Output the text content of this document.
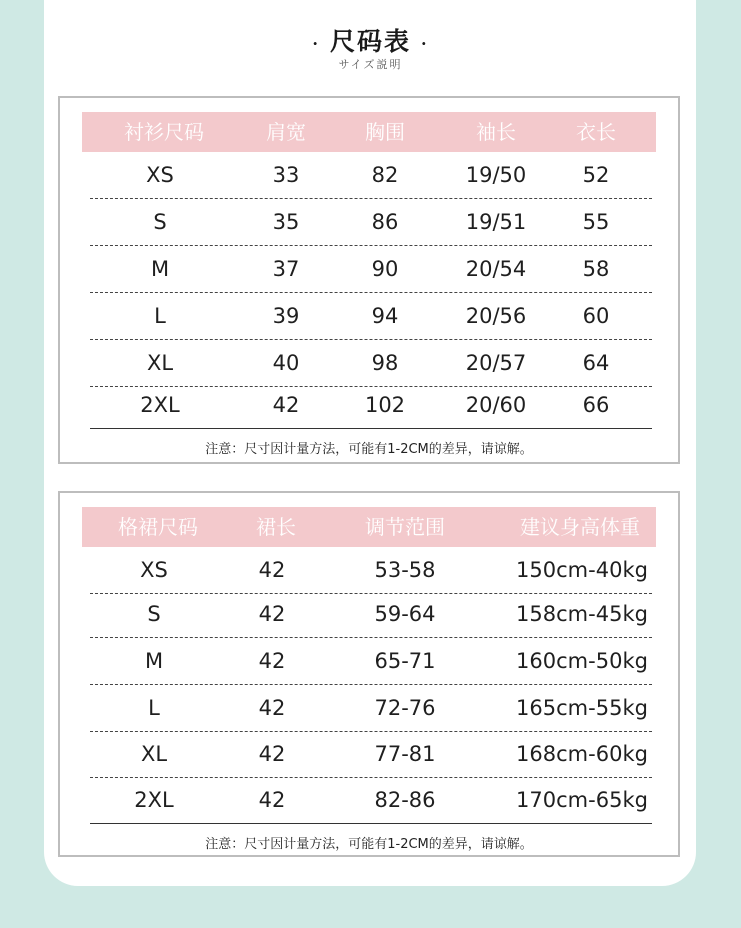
· 尺码表 ·
サイズ説明
衬衫尺码	肩宽	胸围	袖长	衣长
XS	33	82	19/50	52
S	35	86	19/51	55
M	37	90	20/54	58
L	39	94	20/56	60
XL	40	98	20/57	64
2XL	42	102	20/60	66
注意：尺寸因计量方法，可能有1-2CM的差异，请谅解。
格裙尺码	裙长	调节范围	建议身高体重
XS	42	53-58	150cm-40kg
S	42	59-64	158cm-45kg
M	42	65-71	160cm-50kg
L	42	72-76	165cm-55kg
XL	42	77-81	168cm-60kg
2XL	42	82-86	170cm-65kg
注意：尺寸因计量方法，可能有1-2CM的差异，请谅解。
